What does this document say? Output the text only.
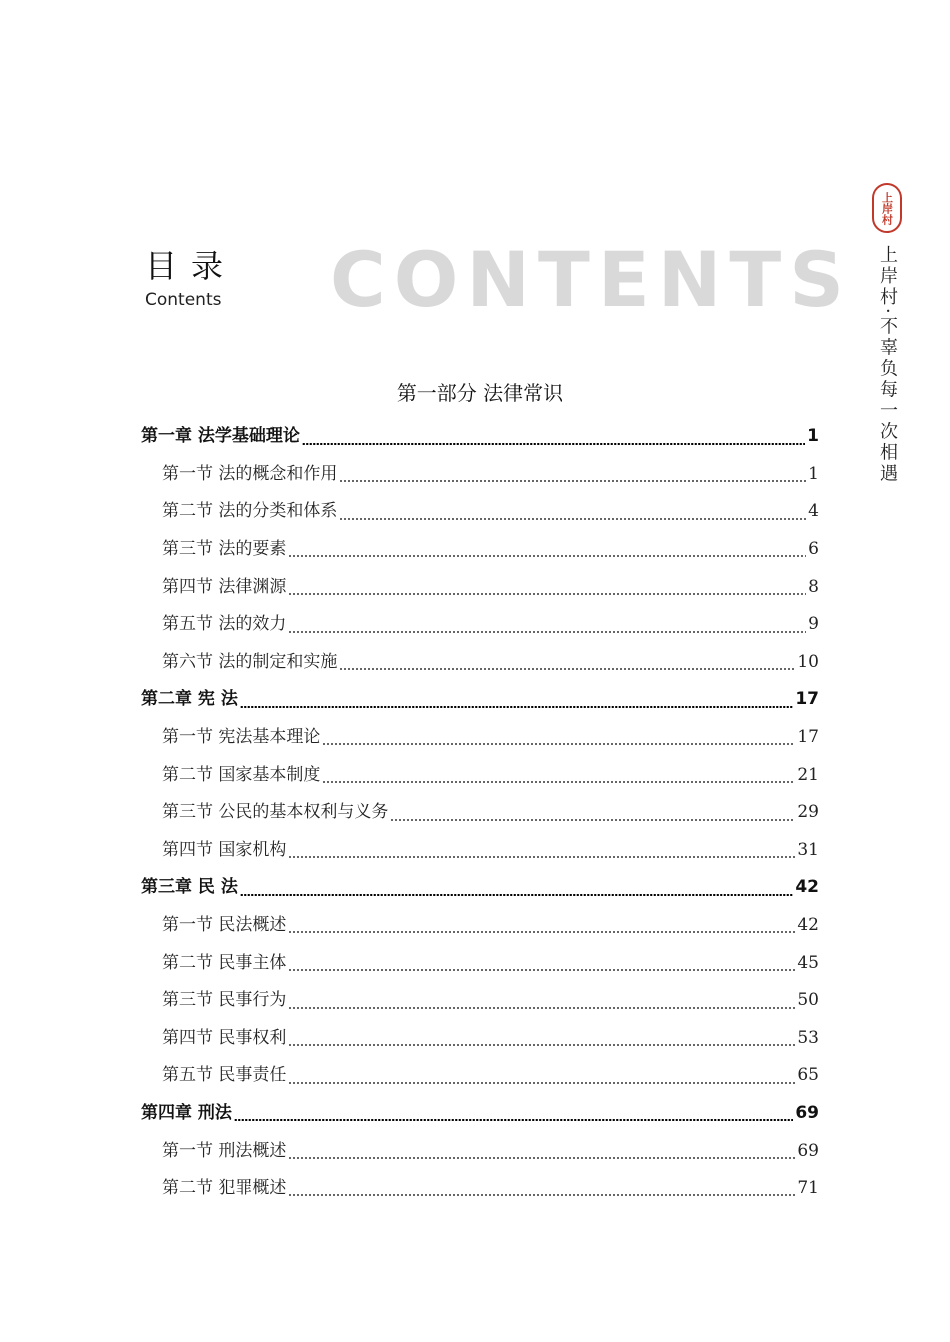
CONTENTS
目录
Contents
上岸村
上岸村·不辜负每一次相遇
第一部分 法律常识
第一章 法学基础理论	1
第一节 法的概念和作用	1
第二节 法的分类和体系	4
第三节 法的要素	6
第四节 法律渊源	8
第五节 法的效力	9
第六节 法的制定和实施	10
第二章 宪 法	17
第一节 宪法基本理论	17
第二节 国家基本制度	21
第三节 公民的基本权利与义务	29
第四节 国家机构	31
第三章 民 法	42
第一节 民法概述	42
第二节 民事主体	45
第三节 民事行为	50
第四节 民事权利	53
第五节 民事责任	65
第四章 刑法	69
第一节 刑法概述	69
第二节 犯罪概述	71
